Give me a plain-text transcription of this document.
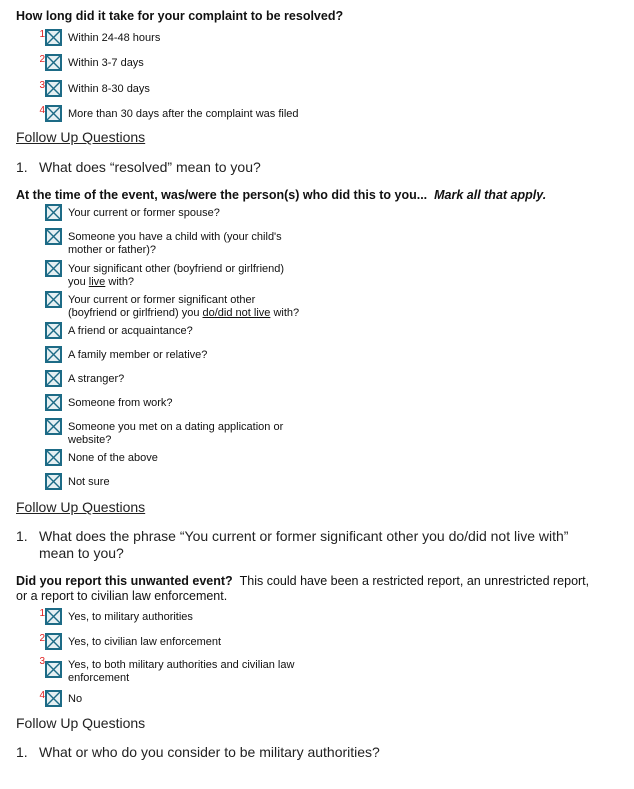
How long did it take for your complaint to be resolved?
1 Within 24-48 hours
2 Within 3-7 days
3 Within 8-30 days
4 More than 30 days after the complaint was filed
Follow Up Questions
1. What does “resolved” mean to you?
At the time of the event, was/were the person(s) who did this to you... Mark all that apply.
Your current or former spouse?
Someone you have a child with (your child's
mother or father)?
Your significant other (boyfriend or girlfriend)
you live with?
Your current or former significant other
(boyfriend or girlfriend) you do/did not live with?
A friend or acquaintance?
A family member or relative?
A stranger?
Someone from work?
Someone you met on a dating application or
website?
None of the above
Not sure
Follow Up Questions
1. What does the phrase “You current or former significant other you do/did not live with”
mean to you?
Did you report this unwanted event? This could have been a restricted report, an unrestricted report,
or a report to civilian law enforcement.
1 Yes, to military authorities
2 Yes, to civilian law enforcement
3 Yes, to both military authorities and civilian law
enforcement
4 No
Follow Up Questions
1. What or who do you consider to be military authorities?
